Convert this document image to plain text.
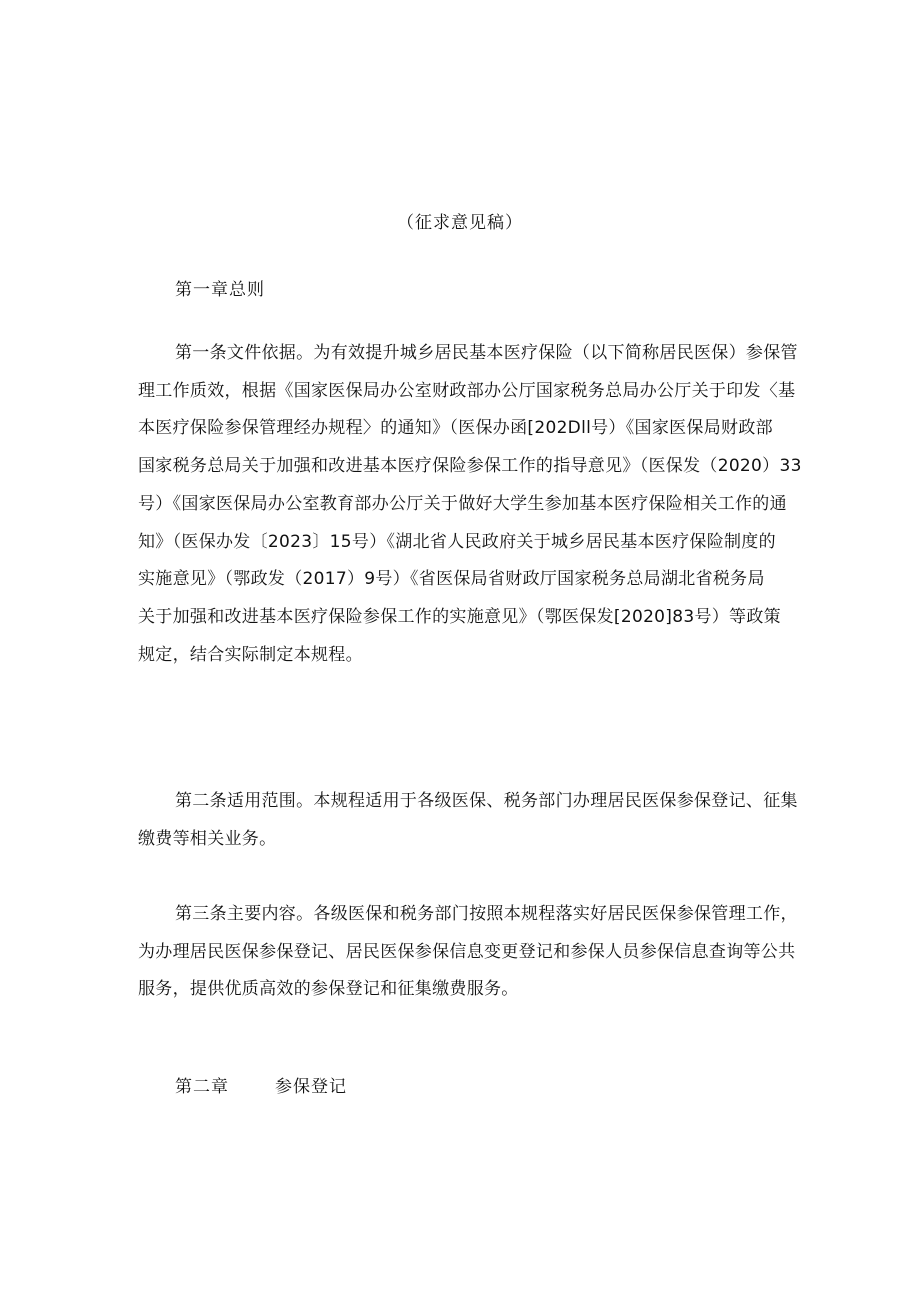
（征求意见稿）
第一章总则
第一条文件依据。为有效提升城乡居民基本医疗保险（以下简称居民医保）参保管
理工作质效，根据《国家医保局办公室财政部办公厅国家税务总局办公厅关于印发〈基
本医疗保险参保管理经办规程〉的通知》（医保办函[202Dll号）《国家医保局财政部
国家税务总局关于加强和改进基本医疗保险参保工作的指导意见》（医保发（2020）33
号）《国家医保局办公室教育部办公厅关于做好大学生参加基本医疗保险相关工作的通
知》（医保办发〔2023〕15号）《湖北省人民政府关于城乡居民基本医疗保险制度的
实施意见》（鄂政发（2017）9号）《省医保局省财政厅国家税务总局湖北省税务局
关于加强和改进基本医疗保险参保工作的实施意见》（鄂医保发[2020]83号）等政策
规定，结合实际制定本规程。
第二条适用范围。本规程适用于各级医保、税务部门办理居民医保参保登记、征集
缴费等相关业务。
第三条主要内容。各级医保和税务部门按照本规程落实好居民医保参保管理工作，
为办理居民医保参保登记、居民医保参保信息变更登记和参保人员参保信息查询等公共
服务，提供优质高效的参保登记和征集缴费服务。
第二章	参保登记
